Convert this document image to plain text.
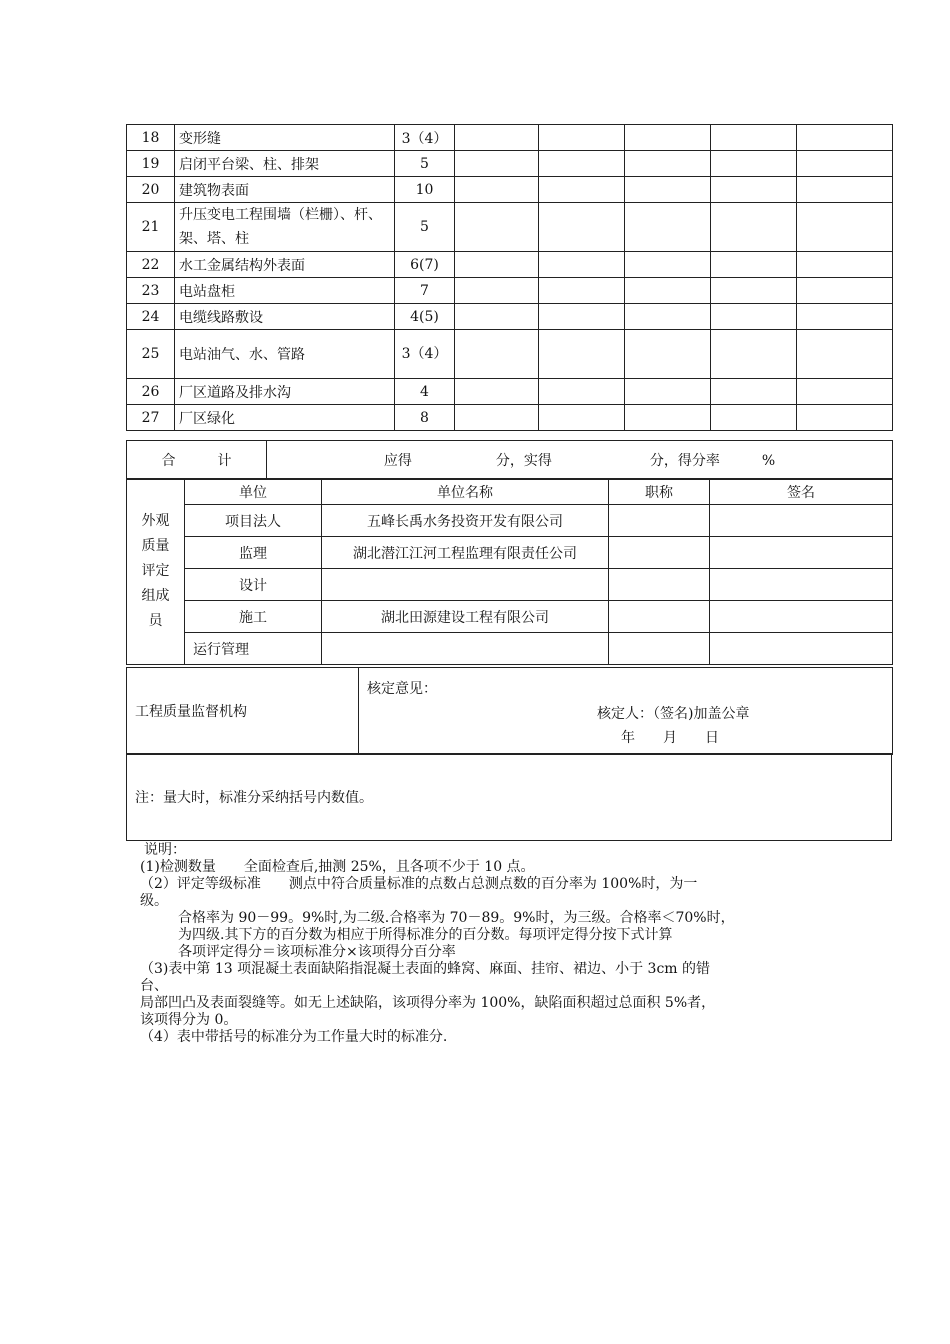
18	变形缝	3（4）					
19	启闭平台梁、柱、排架	5					
20	建筑物表面	10					
21	升压变电工程围墙（栏栅）、杆、架、塔、柱	5					
22	水工金属结构外表面	6(7)					
23	电站盘柜	7					
24	电缆线路敷设	4(5)					
25	电站油气、水、管路	3（4）					
26	厂区道路及排水沟	4					
27	厂区绿化	8					
合　　　计	应得　　　　　　分，实得　　　　　　　分，得分率　　　%
外观质量评定组成员	单位	单位名称	职称	签名
	项目法人	五峰长禹水务投资开发有限公司		
	监理	湖北潜江江河工程监理有限责任公司		
	设计			
	施工	湖北田源建设工程有限公司		
	运行管理			
工程质量监督机构	
核定意见：
核定人：（签名)加盖公章
年　　月　　日
注：量大时，标准分采纳括号内数值。
说明：
(1)检测数量　　全面检查后,抽测 25%，且各项不少于 10 点。
（2）评定等级标准　　测点中符合质量标准的点数占总测点数的百分率为 100%时，为一
级。
合格率为 90－99。9%时,为二级.合格率为 70－89。9%时，为三级。合格率＜70%时，
为四级.其下方的百分数为相应于所得标准分的百分数。每项评定得分按下式计算
各项评定得分＝该项标准分×该项得分百分率
（3)表中第 13 项混凝土表面缺陷指混凝土表面的蜂窝、麻面、挂帘、裙边、小于 3cm 的错
台、
局部凹凸及表面裂缝等。如无上述缺陷，该项得分率为 100%，缺陷面积超过总面积 5%者，
该项得分为 0。
（4）表中带括号的标准分为工作量大时的标准分.
